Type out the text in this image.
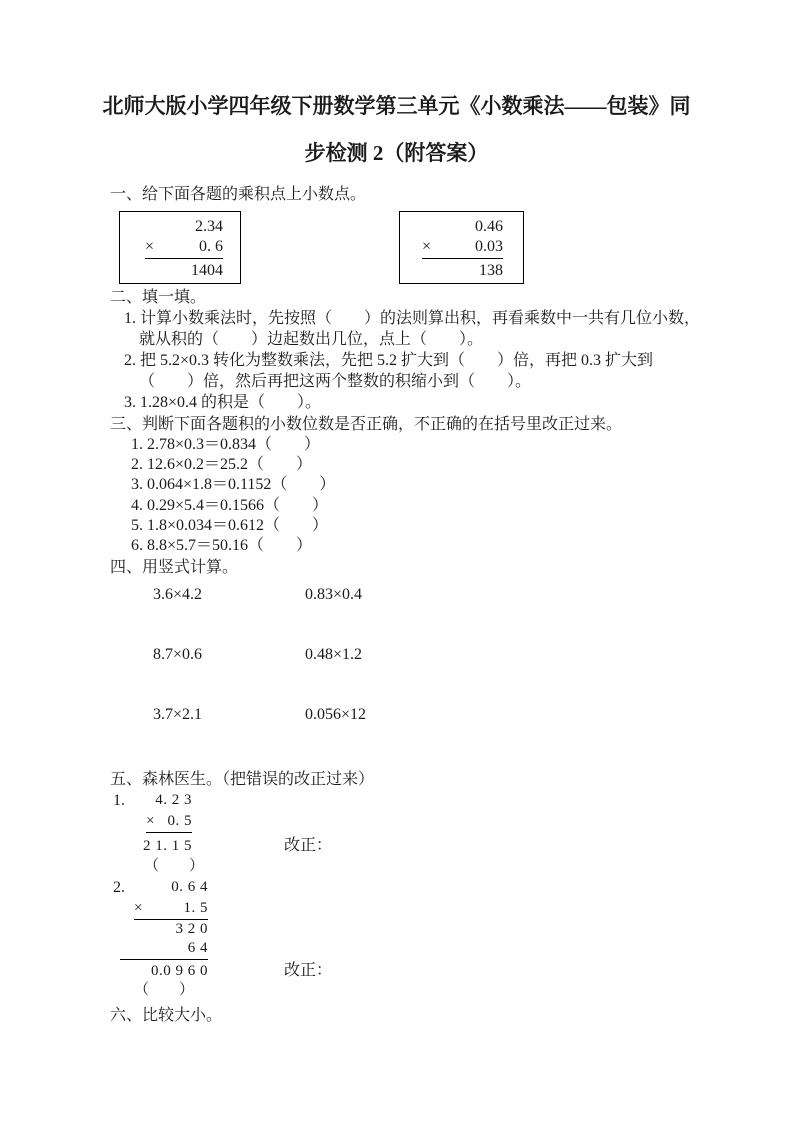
北师大版小学四年级下册数学第三单元《小数乘法——包装》同
步检测 2（附答案）
一、给下面各题的乘积点上小数点。
2.34
×	0. 6
1404

0.46
×	0.03
138
二、填一填。
1. 计算小数乘法时，先按照（　　）的法则算出积，再看乘数中一共有几位小数，
就从积的（　　）边起数出几位，点上（　　）。
2. 把 5.2×0.3 转化为整数乘法，先把 5.2 扩大到（　　）倍，再把 0.3 扩大到
（　　）倍，然后再把这两个整数的积缩小到（　　）。
3. 1.28×0.4 的积是（　　）。
三、判断下面各题积的小数位数是否正确，不正确的在括号里改正过来。
1. 2.78×0.3＝0.834（　　）
2. 12.6×0.2＝25.2（　　）
3. 0.064×1.8＝0.1152（　　）
4. 0.29×5.4＝0.1566（　　）
5. 1.8×0.034＝0.612（　　）
6. 8.8×5.7＝50.16（　　）
四、用竖式计算。
3.6×4.2	0.83×0.4
8.7×0.6	0.48×1.2
3.7×2.1	0.056×12
五、森林医生。（把错误的改正过来）
1.	4. 2 3
× 0. 5
2 1. 1 5
（　　）
改正：
2.	0. 6 4
×	1. 5
3 2 0
6 4
0.0 9 6 0
（　　）
改正：
六、比较大小。
